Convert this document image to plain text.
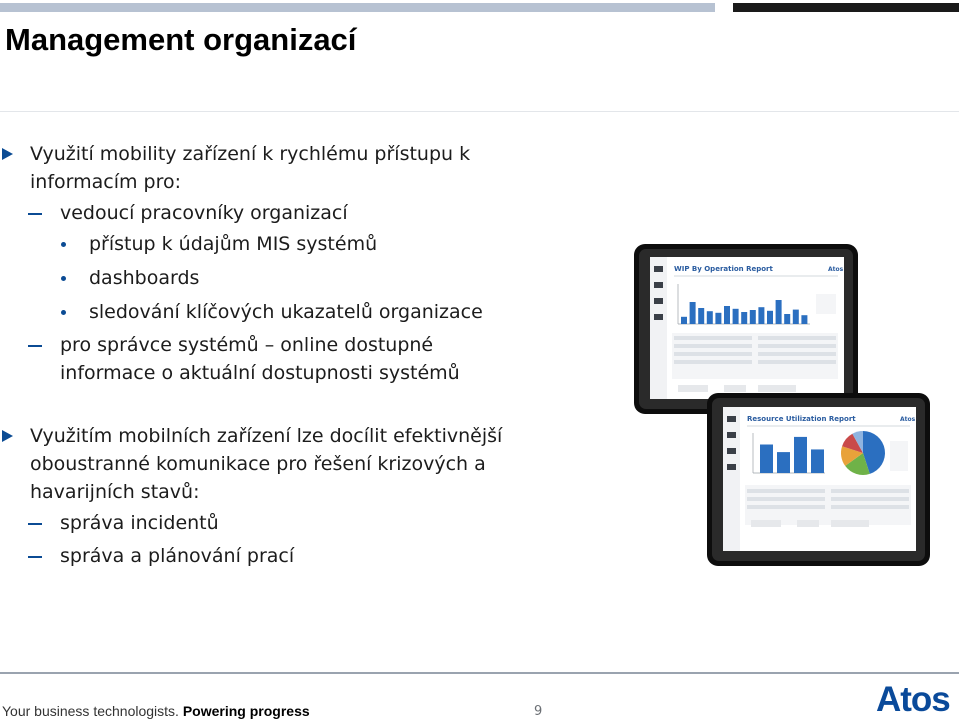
Management organizací
Využití mobility zařízení k rychlému přístupu k
informacím pro:
vedoucí pracovníky organizací
přístup k údajům MIS systémů
dashboards
sledování klíčových ukazatelů organizace
pro správce systémů – online dostupné
informace o aktuální dostupnosti systémů
Využitím mobilních zařízení lze docílit efektivnější
oboustranné komunikace pro řešení krizových a
havarijních stavů:
správa incidentů
správa a plánování prací
WIP By Operation Report	Atos
Resource Utilization Report	Atos
Your business technologists. Powering progress	9	Atos
